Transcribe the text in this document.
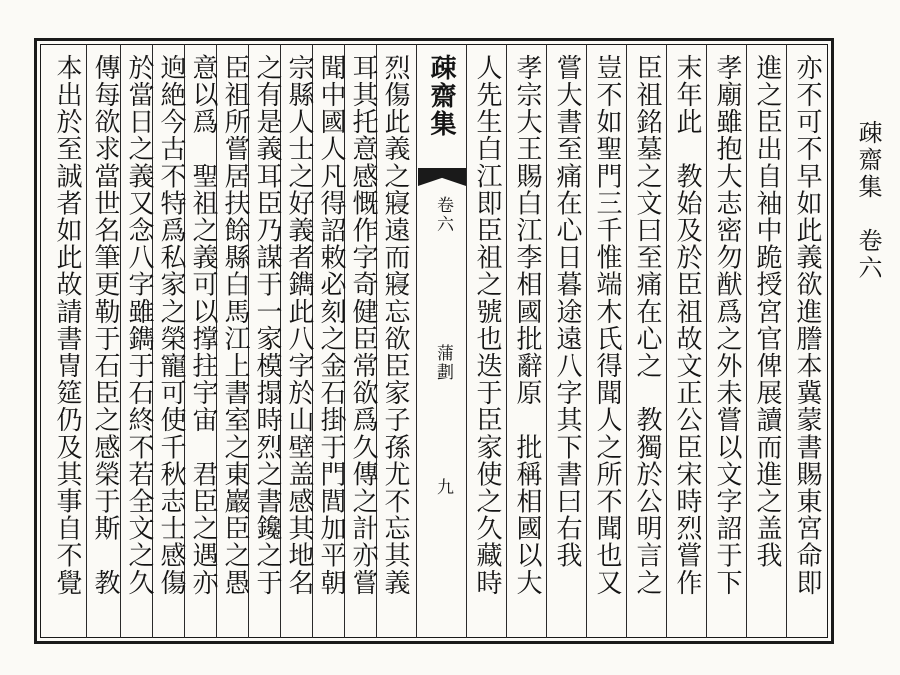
疎齋集　卷六
亦不可不早如此義欲進謄本冀蒙書賜東宮命即
進之臣出自袖中跪授宮官俾展讀而進之盖我
孝廟雖抱大志密勿猷爲之外未嘗以文字詔于下
末年此　教始及於臣祖故文正公臣宋時烈嘗作
臣祖銘墓之文曰至痛在心之　教獨於公明言之
豈不如聖門三千惟端木氏得聞人之所不聞也又
嘗大書至痛在心日暮途遠八字其下書曰右我
孝宗大王賜白江李相國批辭原　批稱相國以大
人先生白江即臣祖之號也迭于臣家使之久藏時
疎齋集
卷六
蒲劃
九
烈傷此義之寢遠而寢忘欲臣家子孫尤不忘其義
耳其托意感慨作字奇健臣常欲爲久傳之計亦嘗
聞中國人凡得詔敕必刻之金石掛于門閭加平朝
宗縣人士之好義者鐫此八字於山壁盖感其地名
之有是義耳臣乃謀于一家模搨時烈之書鑱之于
臣祖所嘗居扶餘縣白馬江上書室之東巖臣之愚
意以爲　聖祖之義可以撑拄宇宙　君臣之遇亦
逈絶今古不特爲私家之榮寵可使千秋志士感傷
於當日之義又念八字雖鐫于石終不若全文之久
傳每欲求當世名筆更勒于石臣之感榮于斯　教
本出於至誠者如此故請書冑筵仍及其事自不覺
